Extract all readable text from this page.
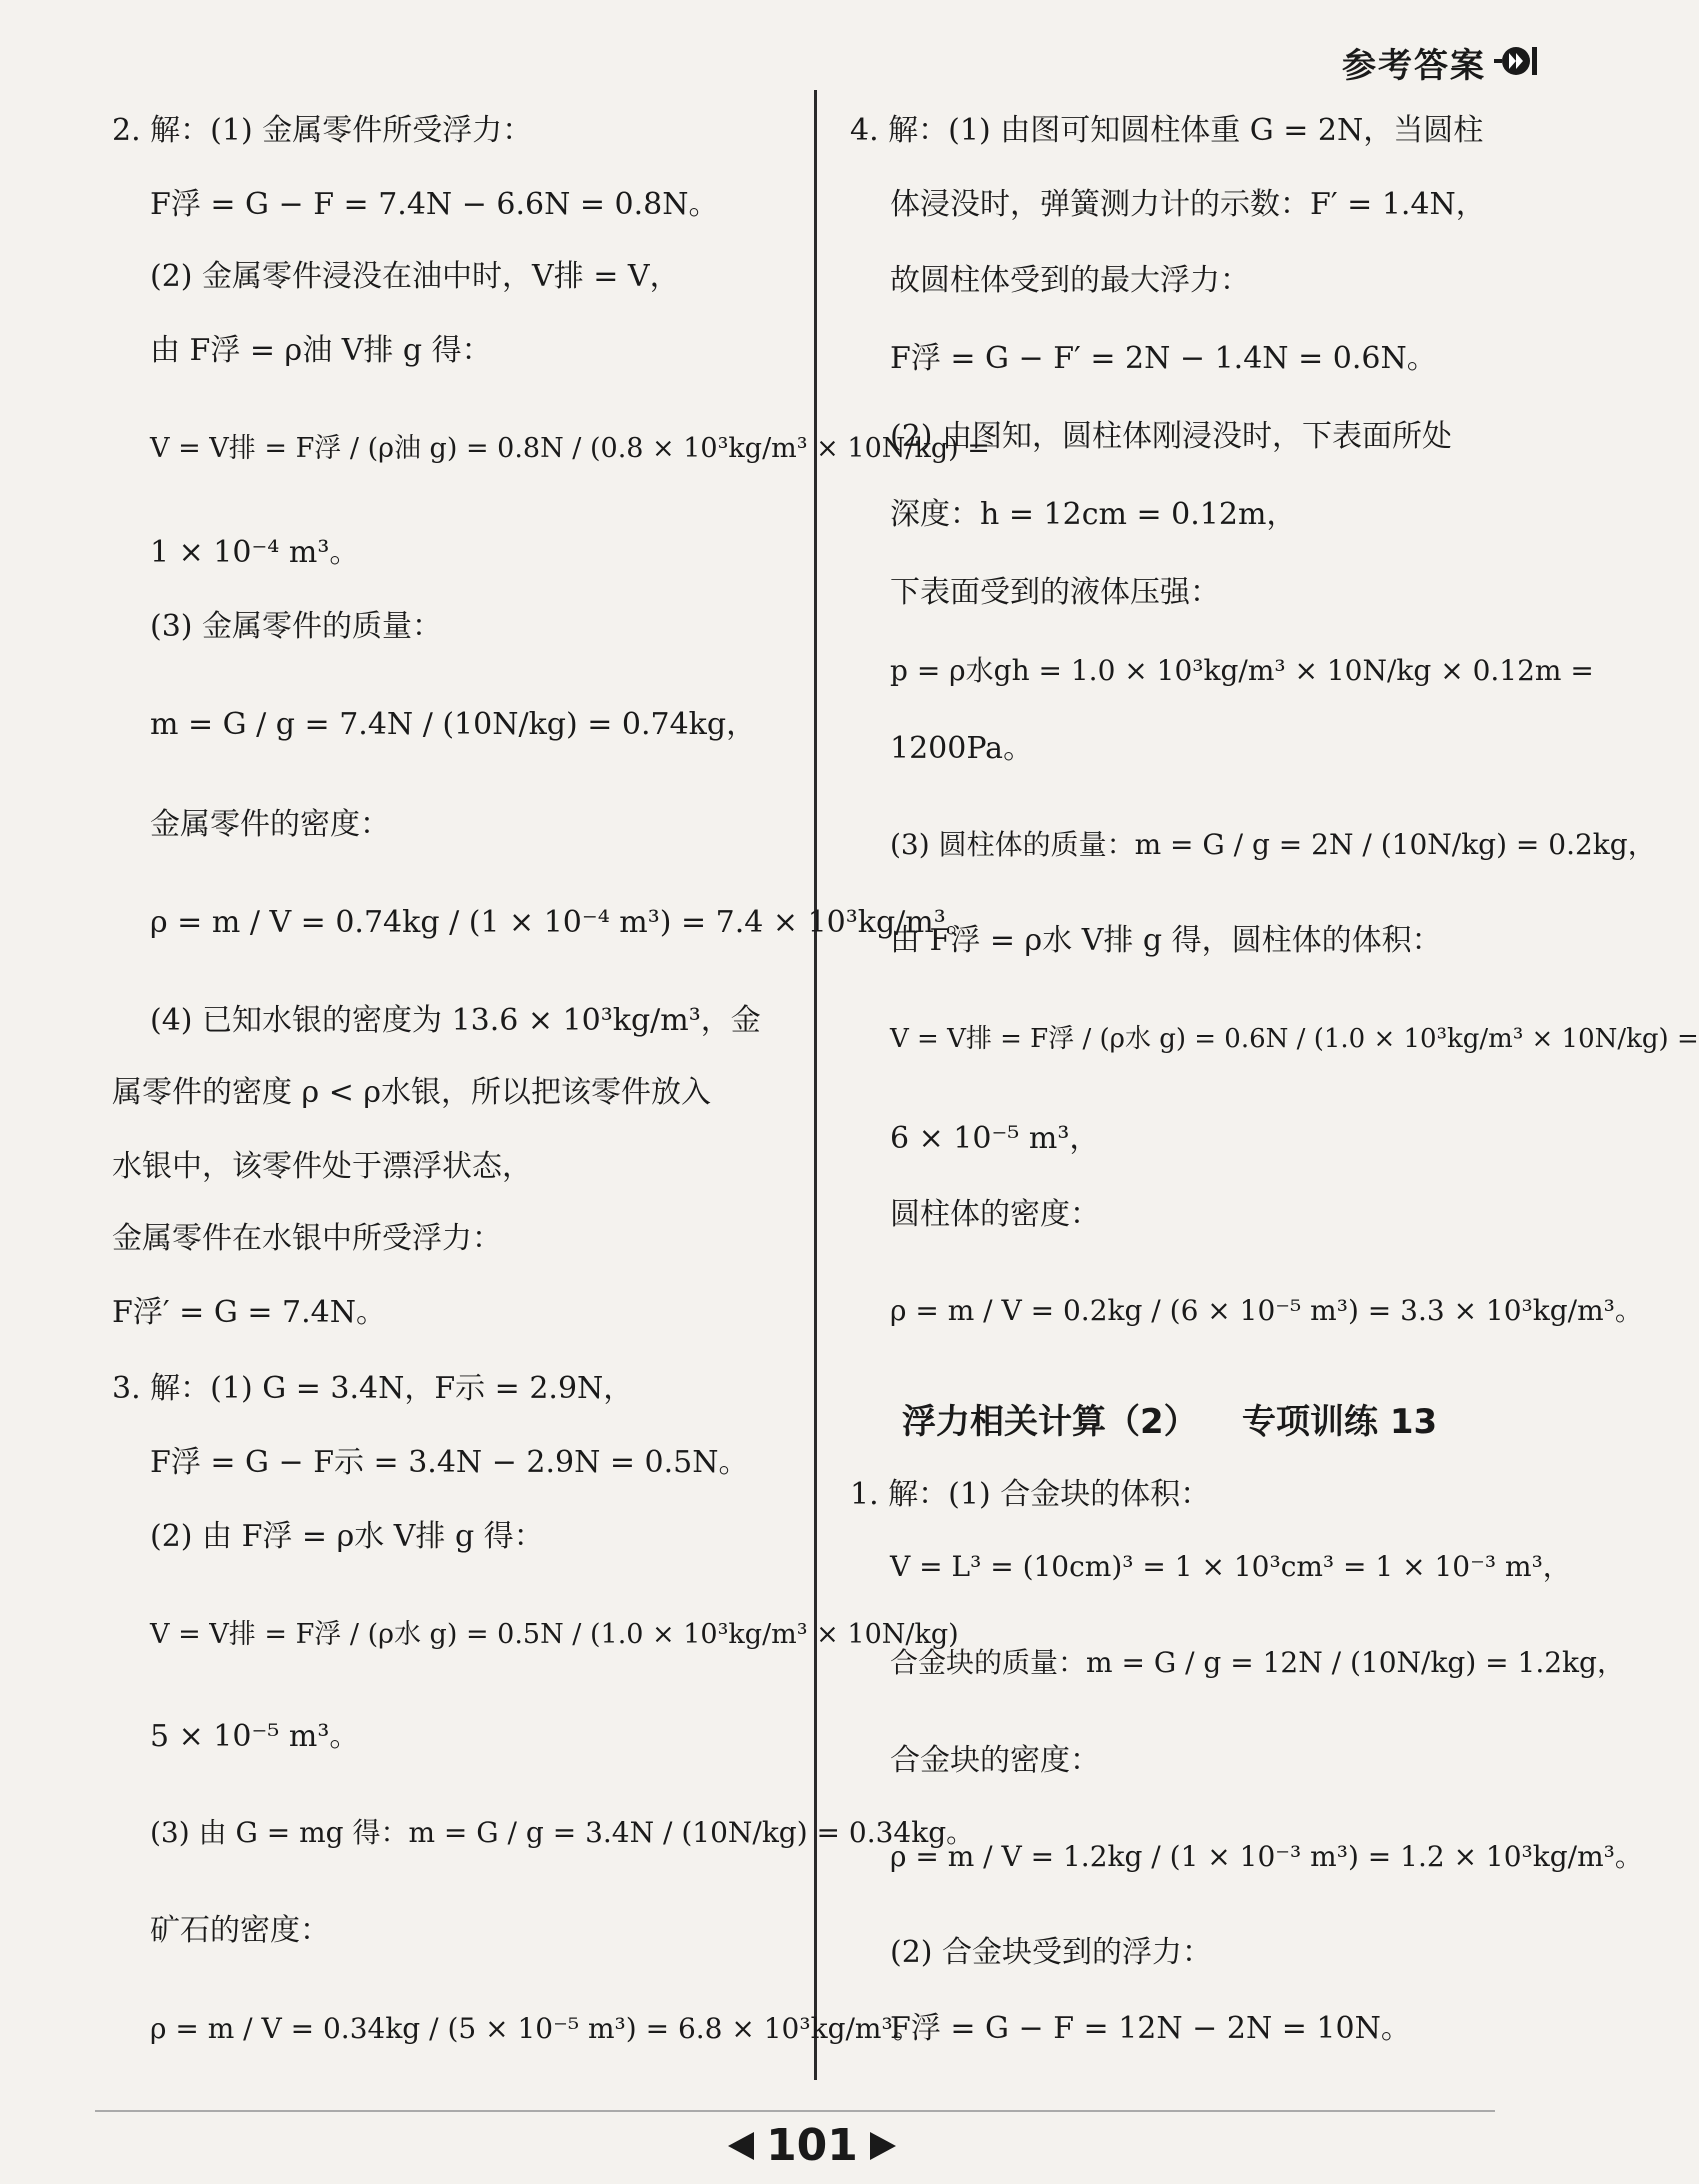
参考答案
2. 解：(1) 金属零件所受浮力：
F浮 = G − F = 7.4N − 6.6N = 0.8N。
(2) 金属零件浸没在油中时，V排 = V，
由 F浮 = ρ油 V排 g 得：
V = V排 = F浮 / (ρ油 g) = 0.8N / (0.8 × 10³kg/m³ × 10N/kg) =
1 × 10⁻⁴ m³。
(3) 金属零件的质量：
m = G / g = 7.4N / (10N/kg) = 0.74kg，
金属零件的密度：
ρ = m / V = 0.74kg / (1 × 10⁻⁴ m³) = 7.4 × 10³kg/m³。
(4) 已知水银的密度为 13.6 × 10³kg/m³，金
属零件的密度 ρ < ρ水银，所以把该零件放入
水银中，该零件处于漂浮状态，
金属零件在水银中所受浮力：
F浮′ = G = 7.4N。
3. 解：(1) G = 3.4N，F示 = 2.9N，
F浮 = G − F示 = 3.4N − 2.9N = 0.5N。
(2) 由 F浮 = ρ水 V排 g 得：
V = V排 = F浮 / (ρ水 g) = 0.5N / (1.0 × 10³kg/m³ × 10N/kg)
5 × 10⁻⁵ m³。
(3) 由 G = mg 得：m = G / g = 3.4N / (10N/kg) = 0.34kg。
矿石的密度：
ρ = m / V = 0.34kg / (5 × 10⁻⁵ m³) = 6.8 × 10³kg/m³。
4. 解：(1) 由图可知圆柱体重 G = 2N，当圆柱
体浸没时，弹簧测力计的示数：F′ = 1.4N，
故圆柱体受到的最大浮力：
F浮 = G − F′ = 2N − 1.4N = 0.6N。
(2) 由图知，圆柱体刚浸没时，下表面所处
深度：h = 12cm = 0.12m，
下表面受到的液体压强：
p = ρ水gh = 1.0 × 10³kg/m³ × 10N/kg × 0.12m =
1200Pa。
(3) 圆柱体的质量：m = G / g = 2N / (10N/kg) = 0.2kg，
由 F浮 = ρ水 V排 g 得，圆柱体的体积：
V = V排 = F浮 / (ρ水 g) = 0.6N / (1.0 × 10³kg/m³ × 10N/kg) =
6 × 10⁻⁵ m³，
圆柱体的密度：
ρ = m / V = 0.2kg / (6 × 10⁻⁵ m³) = 3.3 × 10³kg/m³。
浮力相关计算（2） 专项训练 13
1. 解：(1) 合金块的体积：
V = L³ = (10cm)³ = 1 × 10³cm³ = 1 × 10⁻³ m³，
合金块的质量：m = G / g = 12N / (10N/kg) = 1.2kg，
合金块的密度：
ρ = m / V = 1.2kg / (1 × 10⁻³ m³) = 1.2 × 10³kg/m³。
(2) 合金块受到的浮力：
F浮 = G − F = 12N − 2N = 10N。
101
